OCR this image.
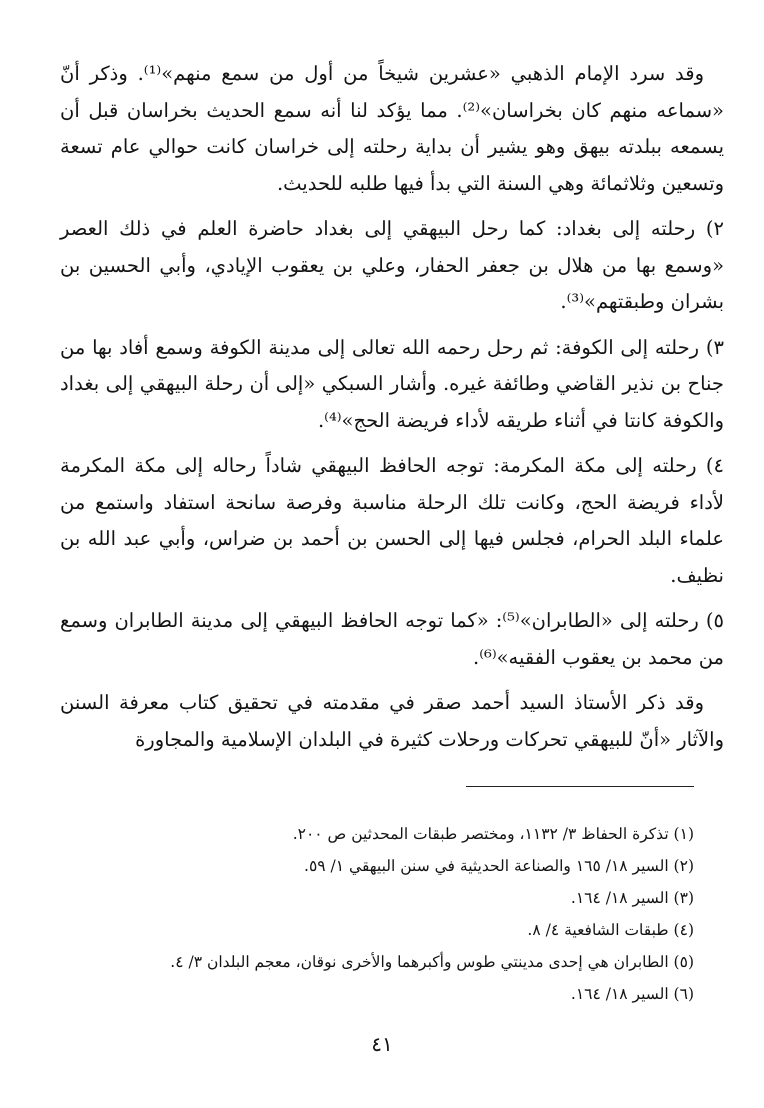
وقد سرد الإمام الذهبي «عشرين شيخاً من أول من سمع منهم»⁽¹⁾. وذكر أنّ «سماعه منهم كان بخراسان»⁽²⁾. مما يؤكد لنا أنه سمع الحديث بخراسان قبل أن يسمعه ببلدته بيهق وهو يشير أن بداية رحلته إلى خراسان كانت حوالي عام تسعة وتسعين وثلاثمائة وهي السنة التي بدأ فيها طلبه للحديث.

٢) رحلته إلى بغداد: كما رحل البيهقي إلى بغداد حاضرة العلم في ذلك العصر «وسمع بها من هلال بن جعفر الحفار، وعلي بن يعقوب الإيادي، وأبي الحسين بن بشران وطبقتهم»⁽³⁾.

٣) رحلته إلى الكوفة: ثم رحل رحمه الله تعالى إلى مدينة الكوفة وسمع أفاد بها من جناح بن نذير القاضي وطائفة غيره. وأشار السبكي «إلى أن رحلة البيهقي إلى بغداد والكوفة كانتا في أثناء طريقه لأداء فريضة الحج»⁽⁴⁾.

٤) رحلته إلى مكة المكرمة: توجه الحافظ البيهقي شاداً رحاله إلى مكة المكرمة لأداء فريضة الحج، وكانت تلك الرحلة مناسبة وفرصة سانحة استفاد واستمع من علماء البلد الحرام، فجلس فيها إلى الحسن بن أحمد بن ضراس، وأبي عبد الله بن نظيف.

٥) رحلته إلى «الطابران»⁽⁵⁾: «كما توجه الحافظ البيهقي إلى مدينة الطابران وسمع من محمد بن يعقوب الفقيه»⁽⁶⁾.

وقد ذكر الأستاذ السيد أحمد صقر في مقدمته في تحقيق كتاب معرفة السنن والآثار «أنّ للبيهقي تحركات ورحلات كثيرة في البلدان الإسلامية والمجاورة

(١) تذكرة الحفاظ ٣/ ١١٣٢، ومختصر طبقات المحدثين ص ٢٠٠.
(٢) السير ١٨/ ١٦٥ والصناعة الحديثية في سنن البيهقي ١/ ٥٩.
(٣) السير ١٨/ ١٦٤.
(٤) طبقات الشافعية ٤/ ٨.
(٥) الطابران هي إحدى مدينتي طوس وأكبرهما والأخرى نوقان، معجم البلدان ٣/ ٤.
(٦) السير ١٨/ ١٦٤.
٤١
